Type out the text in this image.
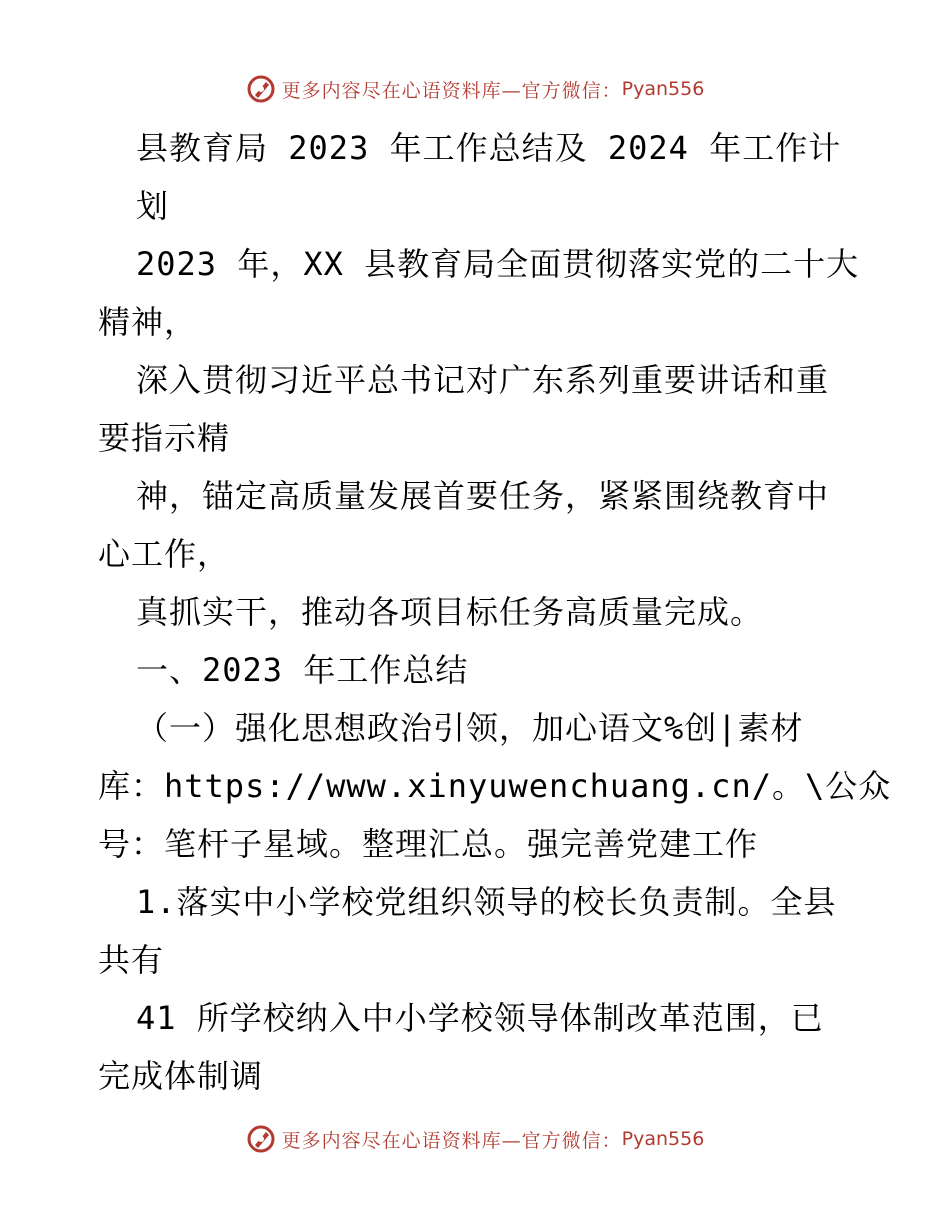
更多内容尽在心语资料库—官方微信： Pyan556
县教育局 2023 年工作总结及 2024 年工作计
划
2023 年，XX 县教育局全面贯彻落实党的二十大
精神，
深入贯彻习近平总书记对广东系列重要讲话和重
要指示精
神，锚定高质量发展首要任务，紧紧围绕教育中
心工作，
真抓实干，推动各项目标任务高质量完成。
一、2023 年工作总结
（一）强化思想政治引领，加心语文%创|素材
库：https://www.xinyuwenchuang.cn/。\公众
号：笔杆子星域。整理汇总。强完善党建工作
1.落实中小学校党组织领导的校长负责制。全县
共有
41 所学校纳入中小学校领导体制改革范围，已
完成体制调
更多内容尽在心语资料库—官方微信： Pyan556
